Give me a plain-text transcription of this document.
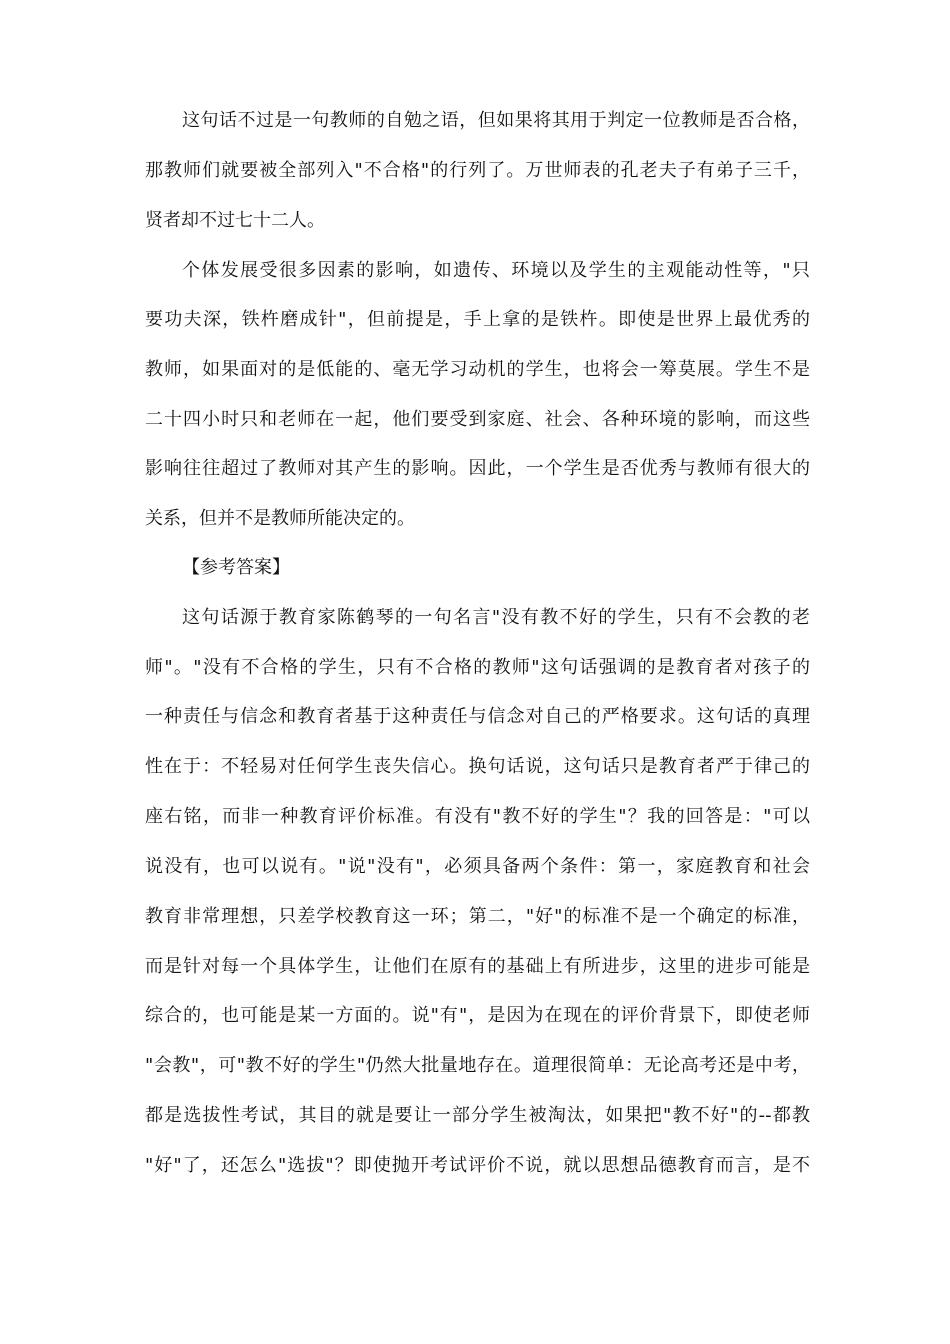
这句话不过是一句教师的自勉之语，但如果将其用于判定一位教师是否合格，
那教师们就要被全部列入"不合格"的行列了。万世师表的孔老夫子有弟子三千，
贤者却不过七十二人。
个体发展受很多因素的影响，如遗传、环境以及学生的主观能动性等，"只
要功夫深，铁杵磨成针"，但前提是，手上拿的是铁杵。即使是世界上最优秀的
教师，如果面对的是低能的、毫无学习动机的学生，也将会一筹莫展。学生不是
二十四小时只和老师在一起，他们要受到家庭、社会、各种环境的影响，而这些
影响往往超过了教师对其产生的影响。因此，一个学生是否优秀与教师有很大的
关系，但并不是教师所能决定的。
【参考答案】
这句话源于教育家陈鹤琴的一句名言"没有教不好的学生，只有不会教的老
师"。"没有不合格的学生，只有不合格的教师"这句话强调的是教育者对孩子的
一种责任与信念和教育者基于这种责任与信念对自己的严格要求。这句话的真理
性在于：不轻易对任何学生丧失信心。换句话说，这句话只是教育者严于律己的
座右铭，而非一种教育评价标准。有没有"教不好的学生"？我的回答是："可以
说没有，也可以说有。"说"没有"，必须具备两个条件：第一，家庭教育和社会
教育非常理想，只差学校教育这一环；第二，"好"的标准不是一个确定的标准，
而是针对每一个具体学生，让他们在原有的基础上有所进步，这里的进步可能是
综合的，也可能是某一方面的。说"有"，是因为在现在的评价背景下，即使老师
"会教"，可"教不好的学生"仍然大批量地存在。道理很简单：无论高考还是中考，
都是选拔性考试，其目的就是要让一部分学生被淘汰，如果把"教不好"的--都教
"好"了，还怎么"选拔"？即使抛开考试评价不说，就以思想品德教育而言，是不
